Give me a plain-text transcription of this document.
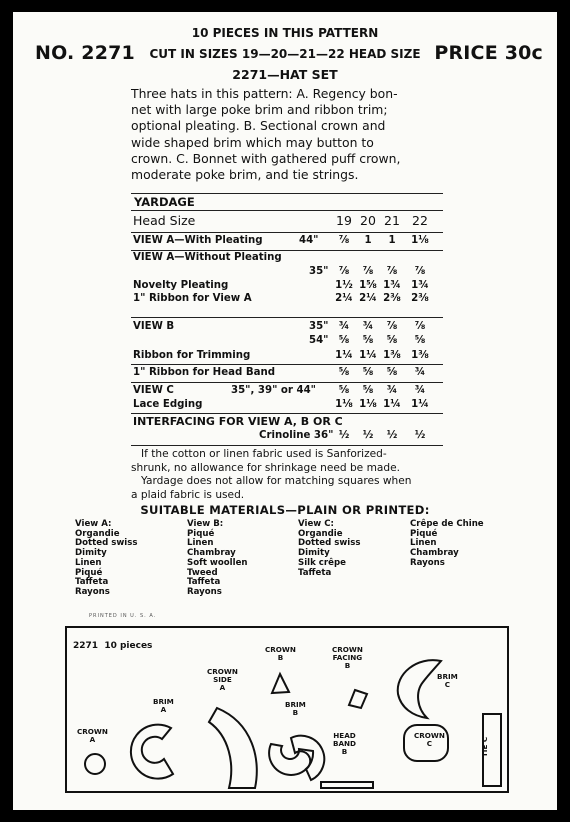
NO. 2271	PRICE 30c
10 PIECES IN THIS PATTERN
CUT IN SIZES 19—20—21—22 HEAD SIZE
2271—HAT SET
Three hats in this pattern: A. Regency bon-
net with large poke brim and ribbon trim;
optional pleating. B. Sectional crown and
wide shaped brim which may button to
crown. C. Bonnet with gathered puff crown,
moderate poke brim, and tie strings.
YARDAGE
Head Size	19 20 21 22
VIEW A—With Pleating	44"	⅞	1	1	1⅛
VIEW A—Without Pleating
35"	⅞	⅞	⅞	⅞
Novelty Pleating	1½ 1⅝ 1¾ 1¾
1" Ribbon for View A	2¼ 2¼ 2⅜ 2⅜
VIEW B	35"	¾	¾	⅞	⅞
54"	⅝	⅝	⅝	⅝
Ribbon for Trimming	1¼ 1¼ 1⅜ 1⅜
1" Ribbon for Head Band	⅝	⅝	⅝	¾
VIEW C	35", 39" or 44"	⅝	⅝	¾	¾
Lace Edging	1⅛ 1⅛ 1¼ 1¼
INTERFACING FOR VIEW A, B OR C
Crinoline 36" ½	½	½	½
If the cotton or linen fabric used is Sanforized-
shrunk, no allowance for shrinkage need be made.
Yardage does not allow for matching squares when
a plaid fabric is used.
SUITABLE MATERIALS—PLAIN OR PRINTED:
View A:
Organdie
Dotted swiss
Dimity
Linen
Piqué
Taffeta
Rayons
View B:
Piqué
Linen
Chambray
Soft woollen
Tweed
Taffeta
Rayons
View C:
Organdie
Dotted swiss
Dimity
Silk crêpe
Taffeta
Crêpe de Chine
Piqué
Linen
Chambray
Rayons
PRINTED IN U. S. A.
2271  10 pieces
CROWN
A
BRIM
A
CROWN
SIDE
A
CROWN
B
BRIM
B
CROWN
FACING
B
HEAD
BAND
B
BRIM
C
CROWN
C	TIE C
